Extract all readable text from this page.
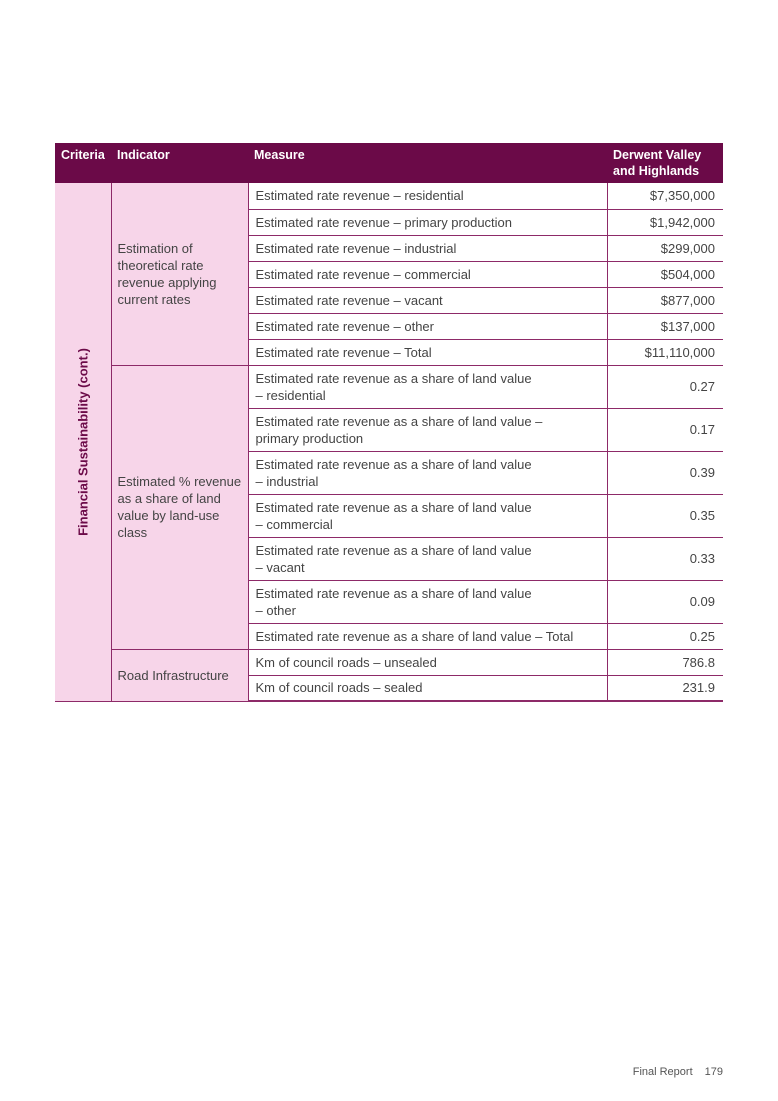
Criteria	Indicator	Measure	Derwent Valley and Highlands

Financial Sustainability (cont.)	Estimation of theoretical rate revenue applying current rates	Estimated rate revenue – residential	$7,350,000
		Estimated rate revenue – primary production	$1,942,000
		Estimated rate revenue – industrial	$299,000
		Estimated rate revenue – commercial	$504,000
		Estimated rate revenue – vacant	$877,000
		Estimated rate revenue – other	$137,000
		Estimated rate revenue – Total	$11,110,000
	Estimated % revenue as a share of land value by land-use class	Estimated rate revenue as a share of land value
– residential	0.27
		Estimated rate revenue as a share of land value –
primary production	0.17
		Estimated rate revenue as a share of land value
– industrial	0.39
		Estimated rate revenue as a share of land value
– commercial	0.35
		Estimated rate revenue as a share of land value
– vacant	0.33
		Estimated rate revenue as a share of land value
– other	0.09
		Estimated rate revenue as a share of land value – Total	0.25
	Road Infrastructure	Km of council roads – unsealed	786.8
		Km of council roads – sealed	231.9
Final Report 179
